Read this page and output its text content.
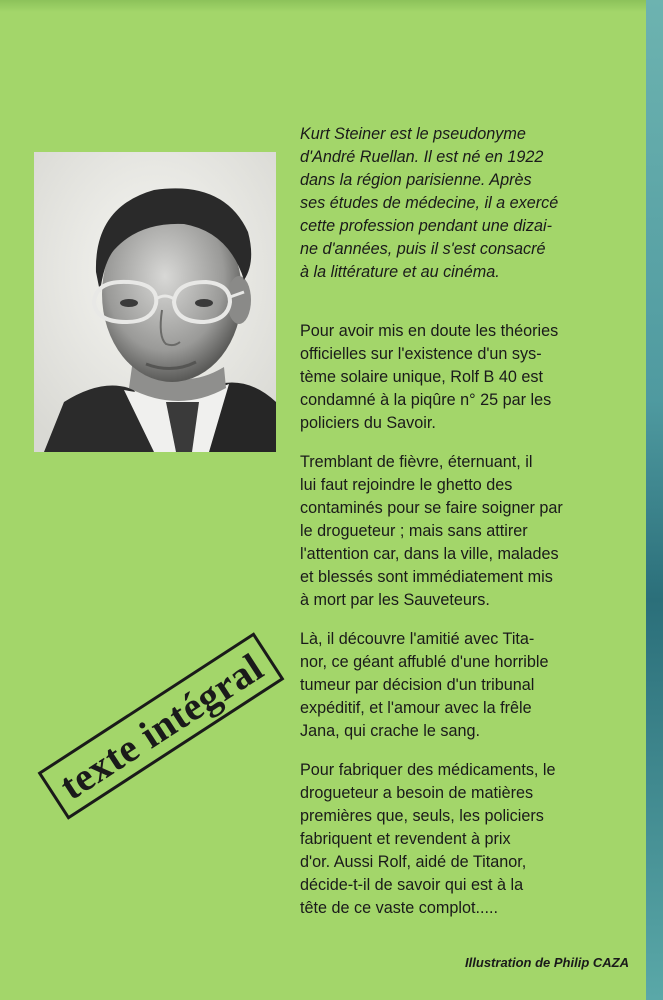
Kurt Steiner est le pseudonyme
d'André Ruellan. Il est né en 1922
dans la région parisienne. Après
ses études de médecine, il a exercé
cette profession pendant une dizai-
ne d'années, puis il s'est consacré
à la littérature et au cinéma.
Pour avoir mis en doute les théories
officielles sur l'existence d'un sys-
tème solaire unique, Rolf B 40 est
condamné à la piqûre n° 25 par les
policiers du Savoir.
Tremblant de fièvre, éternuant, il
lui faut rejoindre le ghetto des
contaminés pour se faire soigner par
le drogueteur ; mais sans attirer
l'attention car, dans la ville, malades
et blessés sont immédiatement mis
à mort par les Sauveteurs.
Là, il découvre l'amitié avec Tita-
nor, ce géant affublé d'une horrible
tumeur par décision d'un tribunal
expéditif, et l'amour avec la frêle
Jana, qui crache le sang.
Pour fabriquer des médicaments, le
drogueteur a besoin de matières
premières que, seuls, les policiers
fabriquent et revendent à prix
d'or. Aussi Rolf, aidé de Titanor,
décide-t-il de savoir qui est à la
tête de ce vaste complot.....
texte intégral
Illustration de Philip CAZA
